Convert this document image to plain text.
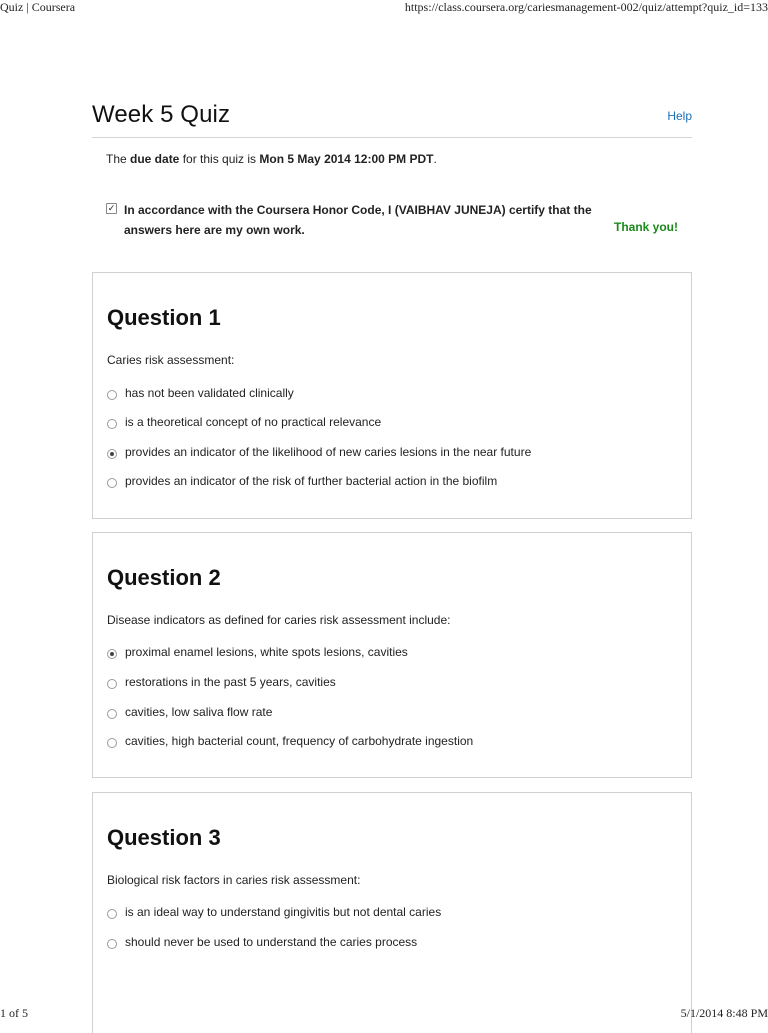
Quiz | Coursera	https://class.coursera.org/cariesmanagement-002/quiz/attempt?quiz_id=133
Week 5 Quiz	Help
The due date for this quiz is Mon 5 May 2014 12:00 PM PDT.
✓ In accordance with the Coursera Honor Code, I (VAIBHAV JUNEJA) certify that the
answers here are my own work.	Thank you!
Question 1
Caries risk assessment:
has not been validated clinically
is a theoretical concept of no practical relevance
provides an indicator of the likelihood of new caries lesions in the near future
provides an indicator of the risk of further bacterial action in the biofilm
Question 2
Disease indicators as defined for caries risk assessment include:
proximal enamel lesions, white spots lesions, cavities
restorations in the past 5 years, cavities
cavities, low saliva flow rate
cavities, high bacterial count, frequency of carbohydrate ingestion
Question 3
Biological risk factors in caries risk assessment:
is an ideal way to understand gingivitis but not dental caries
should never be used to understand the caries process
1 of 5	5/1/2014 8:48 PM
